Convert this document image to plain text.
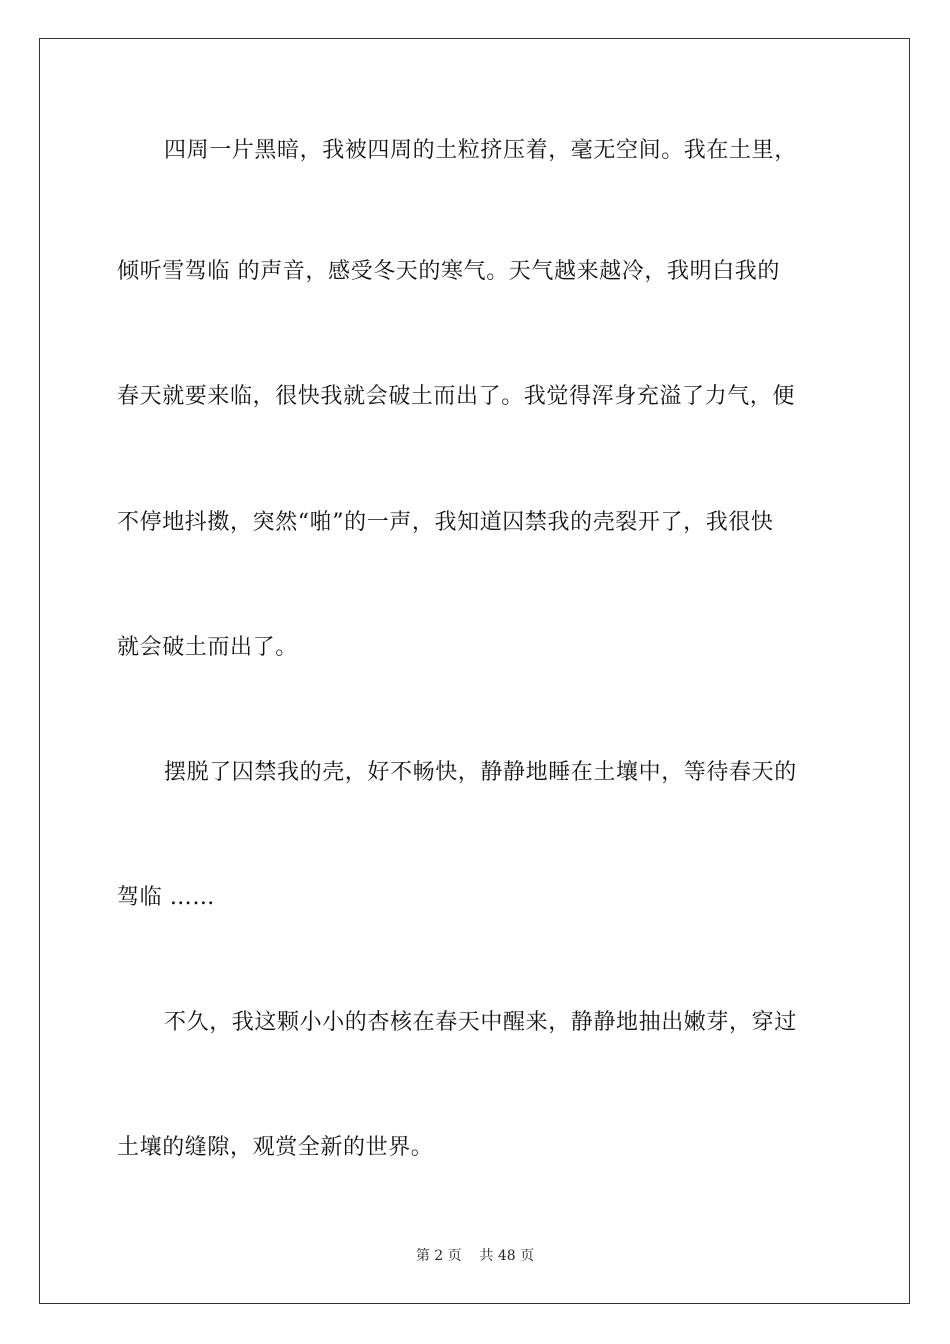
四周一片黑暗，我被四周的土粒挤压着，毫无空间。我在土里，
倾听雪驾临 的声音，感受冬天的寒气。天气越来越冷，我明白我的
春天就要来临，很快我就会破土而出了。我觉得浑身充溢了力气，便
不停地抖擞，突然“啪”的一声，我知道囚禁我的壳裂开了，我很快
就会破土而出了。
摆脱了囚禁我的壳，好不畅快，静静地睡在土壤中，等待春天的
驾临 ……
不久，我这颗小小的杏核在春天中醒来，静静地抽出嫩芽，穿过
土壤的缝隙，观赏全新的世界。
第 2 页    共 48 页
